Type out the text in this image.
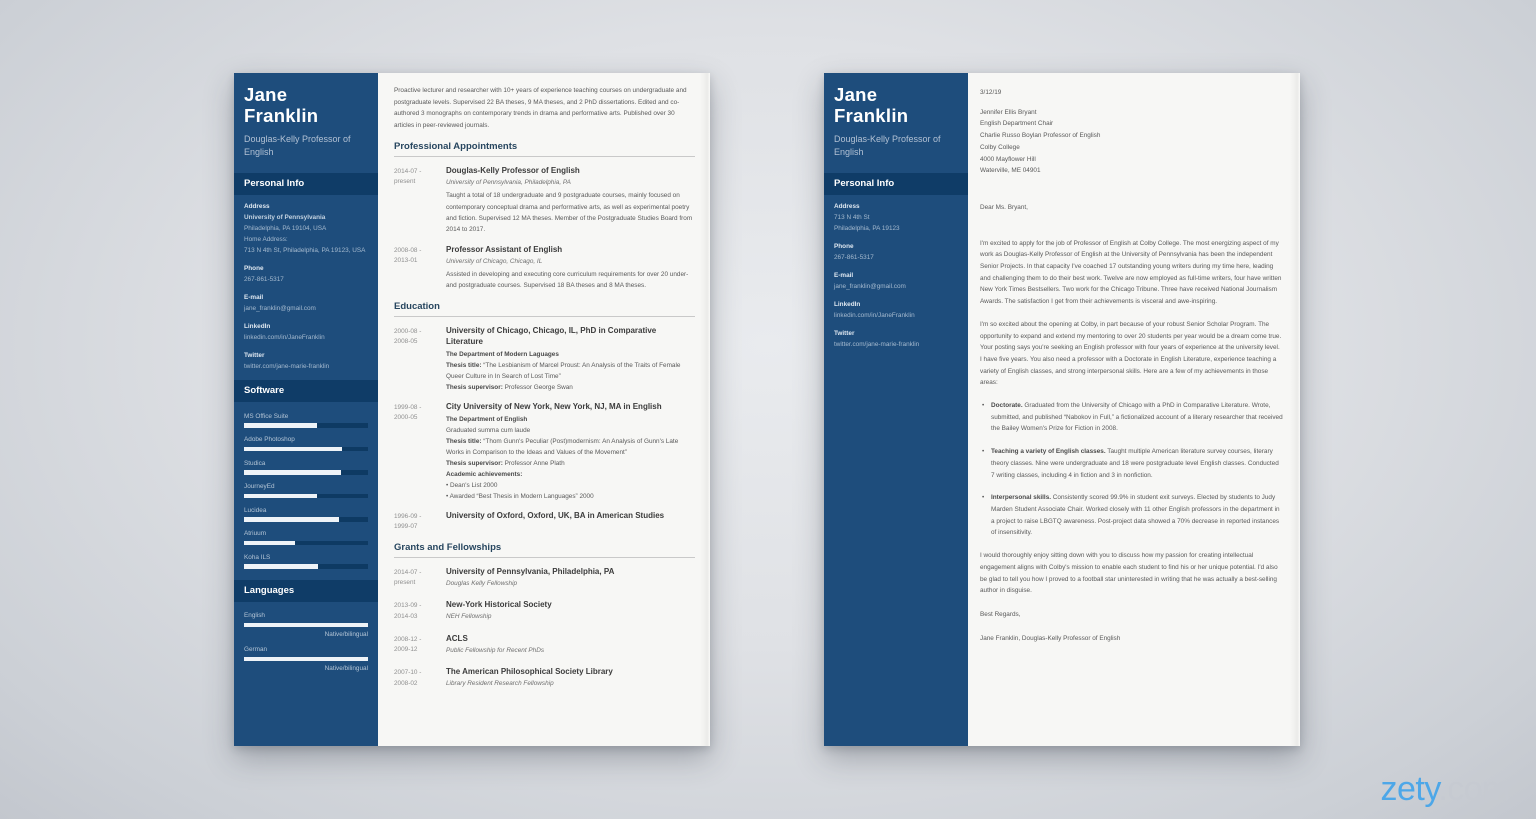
Jane
Franklin
Douglas-Kelly Professor of English
Personal Info
Address
University of Pennsylvania
Philadelphia, PA 19104, USA
Home Address:
713 N 4th St, Philadelphia, PA 19123, USA
Phone
267-861-5317
E-mail
jane_franklin@gmail.com
LinkedIn
linkedin.com/in/JaneFranklin
Twitter
twitter.com/jane-marie-franklin
Software
MS Office Suite
Adobe Photoshop
Studica
JourneyEd
Lucidea
Atriuum
Koha ILS
Languages
English
Native/bilingual
German
Native/bilingual

Proactive lecturer and researcher with 10+ years of experience teaching courses on undergraduate and postgraduate levels. Supervised 22 BA theses, 9 MA theses, and 2 PhD dissertations. Edited and co-authored 3 monographs on contemporary trends in drama and performative arts. Published over 30 articles in peer-reviewed journals.

Professional Appointments
2014-07 -
present
Douglas-Kelly Professor of English
University of Pennsylvania, Philadelphia, PA

Taught a total of 18 undergraduate and 9 postgraduate courses, mainly focused on contemporary conceptual drama and performative arts, as well as experimental poetry and fiction. Supervised 12 MA theses. Member of the Postgraduate Studies Board from 2014 to 2017.

2008-08 -
2013-01
Professor Assistant of English
University of Chicago, Chicago, IL

Assisted in developing and executing core curriculum requirements for over 20 under- and postgraduate courses. Supervised 18 BA theses and 8 MA theses.

Education
2000-08 -
2008-05
University of Chicago, Chicago, IL, PhD in Comparative Literature
The Department of Modern Laguages
Thesis title: “The Lesbianism of Marcel Proust: An Analysis of the Traits of Female Queer Culture in In Search of Lost Time”
Thesis supervisor: Professor George Swan
1999-08 -
2000-05
City University of New York, New York, NJ, MA in English
The Department of English
Graduated summa cum laude
Thesis title: “Thom Gunn's Peculiar (Post)modernism: An Analysis of Gunn's Late Works in Comparison to the Ideas and Values of the Movement”
Thesis supervisor: Professor Anne Plath
Academic achievements:
• Dean's List 2000
• Awarded “Best Thesis in Modern Languages” 2000
1996-09 -
1999-07
University of Oxford, Oxford, UK, BA in American Studies
Grants and Fellowships
2014-07 -
present
University of Pennsylvania, Philadelphia, PA
Douglas Kelly Fellowship
2013-09 -
2014-03
New-York Historical Society
NEH Fellowship
2008-12 -
2009-12
ACLS
Public Fellowship for Recent PhDs
2007-10 -
2008-02
The American Philosophical Society Library
Library Resident Research Fellowship
Jane
Franklin
Douglas-Kelly Professor of English
Personal Info
Address
713 N 4th St
Philadelphia, PA 19123
Phone
267-861-5317
E-mail
jane_franklin@gmail.com
LinkedIn
linkedin.com/in/JaneFranklin
Twitter
twitter.com/jane-marie-franklin
3/12/19
Jennifer Ellis Bryant
English Department Chair
Charlie Russo Boylan Professor of English
Colby College
4000 Mayflower Hill
Waterville, ME 04901
Dear Ms. Bryant,

I'm excited to apply for the job of Professor of English at Colby College. The most energizing aspect of my work as Douglas-Kelly Professor of English at the University of Pennsylvania has been the independent Senior Projects. In that capacity I've coached 17 outstanding young writers during my time here, leading and challenging them to do their best work. Twelve are now employed as full-time writers, four have written New York Times Bestsellers. Two work for the Chicago Tribune. Three have received National Journalism Awards. The satisfaction I get from their achievements is visceral and awe-inspiring.

I'm so excited about the opening at Colby, in part because of your robust Senior Scholar Program. The opportunity to expand and extend my mentoring to over 20 students per year would be a dream come true. Your posting says you're seeking an English professor with four years of experience at the university level. I have five years. You also need a professor with a Doctorate in English Literature, experience teaching a variety of English classes, and strong interpersonal skills. Here are a few of my achievements in those areas:

• Doctorate. Graduated from the University of Chicago with a PhD in Comparative Literature. Wrote, submitted, and published “Nabokov in Full,” a fictionalized account of a literary researcher that received the Bailey Women's Prize for Fiction in 2008.
• Teaching a variety of English classes. Taught multiple American literature survey courses, literary theory classes. Nine were undergraduate and 18 were postgraduate level English classes. Conducted 7 writing classes, including 4 in fiction and 3 in nonfiction.
• Interpersonal skills. Consistently scored 99.9% in student exit surveys. Elected by students to Judy Marden Student Associate Chair. Worked closely with 11 other English professors in the department in a project to raise LBGTQ awareness. Post-project data showed a 70% decrease in reported instances of insensitivity.

I would thoroughly enjoy sitting down with you to discuss how my passion for creating intellectual engagement aligns with Colby's mission to enable each student to find his or her unique potential. I'd also be glad to tell you how I proved to a football star uninterested in writing that he was actually a best-selling author in disguise.

Best Regards,
Jane Franklin, Douglas-Kelly Professor of English
zety.com
